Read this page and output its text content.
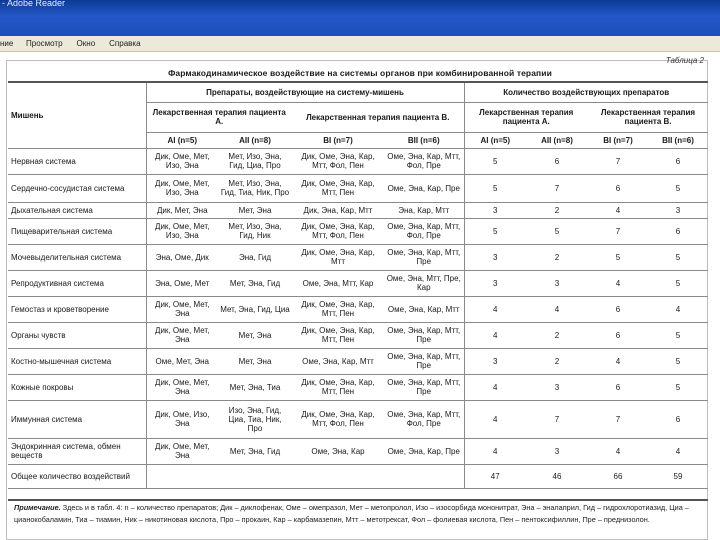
- Adobe Reader
ние	Просмотр Окно Справка
Таблица 2
Фармакодинамическое воздействие на системы органов при комбинированной терапии
Мишень	Препараты, воздействующие на систему-мишень				Количество воздействующих препаратов			
	Лекарственная терапия пациента А.		Лекарственная терапия пациента В.		Лекарственная терапия пациента А.		Лекарственная терапия пациента В.	
	AI (n=5)	AII (n=8)	BI (n=7)	BII (n=6)	AI (n=5)	AII (n=8)	BI (n=7)	BII (n=6)
Нервная система	Дик, Оме, Мет, Изо, Эна	Мет, Изо, Эна, Гид, Циа, Про	Дик, Оме, Эна, Кар, Мтт, Фол, Пен	Оме, Эна, Кар, Мтт, Фол, Пре	5	6	7	6
Сердечно-сосудистая система	Дик, Оме, Мет, Изо, Эна	Мет, Изо, Эна, Гид, Тиа, Ник, Про	Дик, Оме, Эна, Кар, Мтт, Пен	Оме, Эна, Кар, Пре	5	7	6	5
Дыхательная система	Дик, Мет, Эна	Мет, Эна	Дик, Эна, Кар, Мтт	Эна, Кар, Мтт	3	2	4	3
Пищеварительная система	Дик, Оме, Мет, Изо, Эна	Мет, Изо, Эна, Гид, Ник	Дик, Оме, Эна, Кар, Мтт, Фол, Пен	Оме, Эна, Кар, Мтт, Фол, Пре	5	5	7	6
Мочевыделительная система	Эна, Оме, Дик	Эна, Гид	Дик, Оме, Эна, Кар, Мтт	Оме, Эна, Кар, Мтт, Пре	3	2	5	5
Репродуктивная система	Эна, Оме, Мет	Мет, Эна, Гид	Оме, Эна, Мтт, Кар	Оме, Эна, Мтт, Пре, Кар	3	3	4	5
Гемостаз и кроветворение	Дик, Оме, Мет, Эна	Мет, Эна, Гид, Циа	Дик, Оме, Эна, Кар, Мтт, Пен	Оме, Эна, Кар, Мтт	4	4	6	4
Органы чувств	Дик, Оме, Мет, Эна	Мет, Эна	Дик, Оме, Эна, Кар, Мтт, Пен	Оме, Эна, Кар, Мтт, Пре	4	2	6	5
Костно-мышечная система	Оме, Мет, Эна	Мет, Эна	Оме, Эна, Кар, Мтт	Оме, Эна, Кар, Мтт, Пре	3	2	4	5
Кожные покровы	Дик, Оме, Мет, Эна	Мет, Эна, Тиа	Дик, Оме, Эна, Кар, Мтт, Пен	Оме, Эна, Кар, Мтт, Пре	4	3	6	5
Иммунная система	Дик, Оме, Изо, Эна	Изо, Эна, Гид, Циа, Тиа, Ник, Про	Дик, Оме, Эна, Кар, Мтт, Фол, Пен	Оме, Эна, Кар, Мтт, Фол, Пре	4	7	7	6
Эндокринная система, обмен веществ	Дик, Оме, Мет, Эна	Мет, Эна, Гид	Оме, Эна, Кар	Оме, Эна, Кар, Пре	4	3	4	4
Общее количество воздействий					47	46	66	59
Примечание. Здесь и в табл. 4: n – количество препаратов; Дик – диклофенак, Оме – омепразол, Мет – метопролол, Изо – изосорбида мононитрат, Эна – эналаприл, Гид – гидрохлоротиазид, Циа – цианокобаламин, Тиа – тиамин, Ник – никотиновая кислота, Про – прокаин, Кар – карбамазепин, Мтт – метотрексат, Фол – фолиевая кислота, Пен – пентоксифиллин, Пре – преднизолон.
